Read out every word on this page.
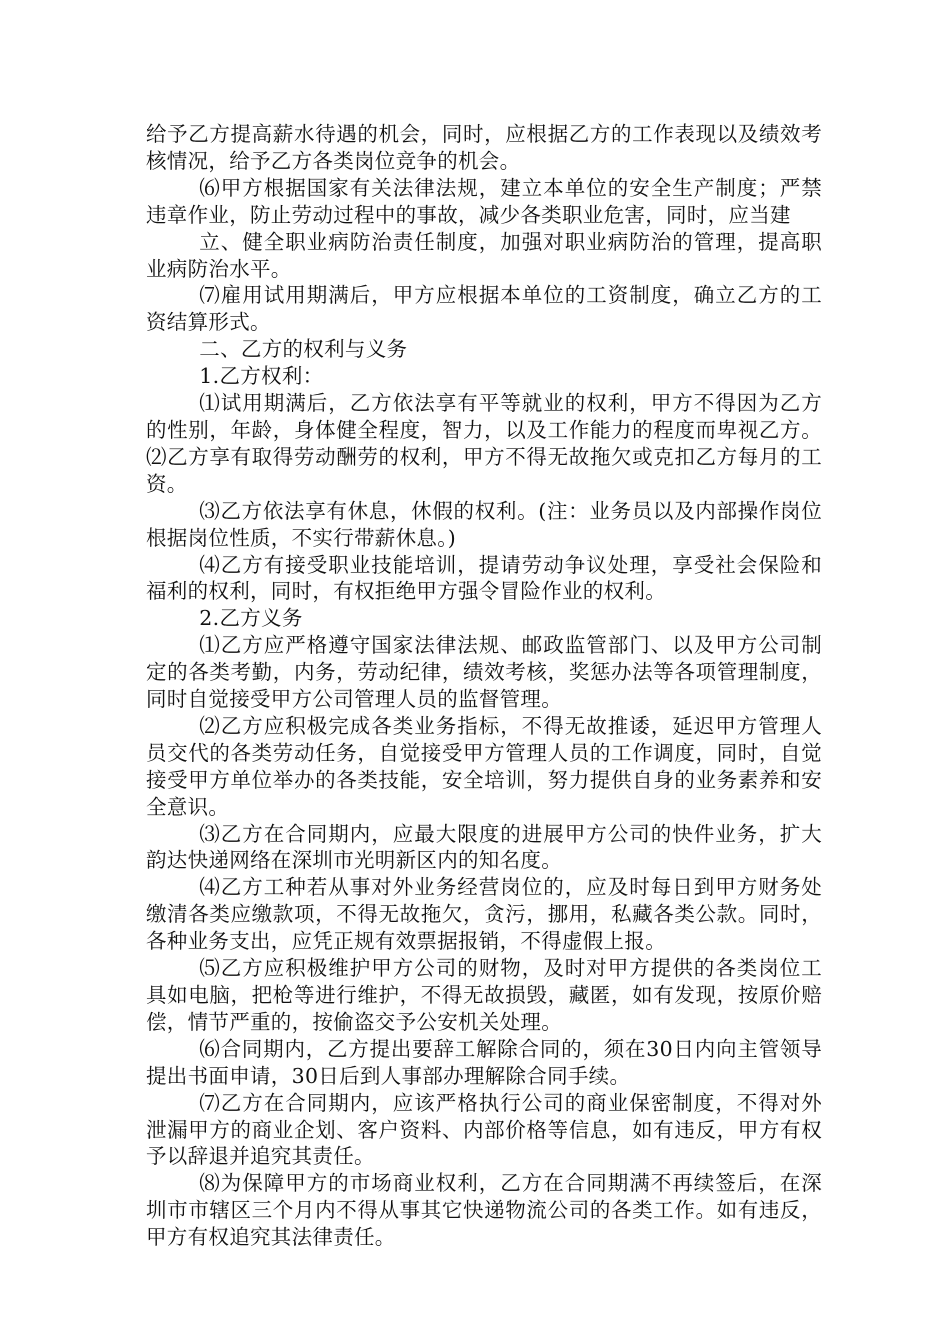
给予乙方提高薪水待遇的机会，同时，应根据乙方的工作表现以及绩效考核情况，给予乙方各类岗位竞争的机会。

⑹甲方根据国家有关法律法规，建立本单位的安全生产制度；严禁违章作业，防止劳动过程中的事故，减少各类职业危害，同时，应当建

立、健全职业病防治责任制度，加强对职业病防治的管理，提高职业病防治水平。

⑺雇用试用期满后，甲方应根据本单位的工资制度，确立乙方的工资结算形式。

二、乙方的权利与义务

1.乙方权利：

⑴试用期满后，乙方依法享有平等就业的权利，甲方不得因为乙方的性别，年龄，身体健全程度，智力，以及工作能力的程度而卑视乙方。⑵乙方享有取得劳动酬劳的权利，甲方不得无故拖欠或克扣乙方每月的工资。

⑶乙方依法享有休息，休假的权利。(注：业务员以及内部操作岗位根据岗位性质，不实行带薪休息。)

⑷乙方有接受职业技能培训，提请劳动争议处理，享受社会保险和福利的权利，同时，有权拒绝甲方强令冒险作业的权利。

2.乙方义务

⑴乙方应严格遵守国家法律法规、邮政监管部门、以及甲方公司制定的各类考勤，内务，劳动纪律，绩效考核，奖惩办法等各项管理制度，同时自觉接受甲方公司管理人员的监督管理。

⑵乙方应积极完成各类业务指标，不得无故推诿，延迟甲方管理人员交代的各类劳动任务，自觉接受甲方管理人员的工作调度，同时，自觉接受甲方单位举办的各类技能，安全培训，努力提供自身的业务素养和安全意识。

⑶乙方在合同期内，应最大限度的进展甲方公司的快件业务，扩大韵达快递网络在深圳市光明新区内的知名度。

⑷乙方工种若从事对外业务经营岗位的，应及时每日到甲方财务处缴清各类应缴款项，不得无故拖欠，贪污，挪用，私藏各类公款。同时，各种业务支出，应凭正规有效票据报销，不得虚假上报。

⑸乙方应积极维护甲方公司的财物，及时对甲方提供的各类岗位工具如电脑，把枪等进行维护，不得无故损毁，藏匿，如有发现，按原价赔偿，情节严重的，按偷盗交予公安机关处理。

⑹合同期内，乙方提出要辞工解除合同的，须在30日内向主管领导提出书面申请，30日后到人事部办理解除合同手续。

⑺乙方在合同期内，应该严格执行公司的商业保密制度，不得对外泄漏甲方的商业企划、客户资料、内部价格等信息，如有违反，甲方有权予以辞退并追究其责任。

⑻为保障甲方的市场商业权利，乙方在合同期满不再续签后，在深圳市市辖区三个月内不得从事其它快递物流公司的各类工作。如有违反，甲方有权追究其法律责任。
